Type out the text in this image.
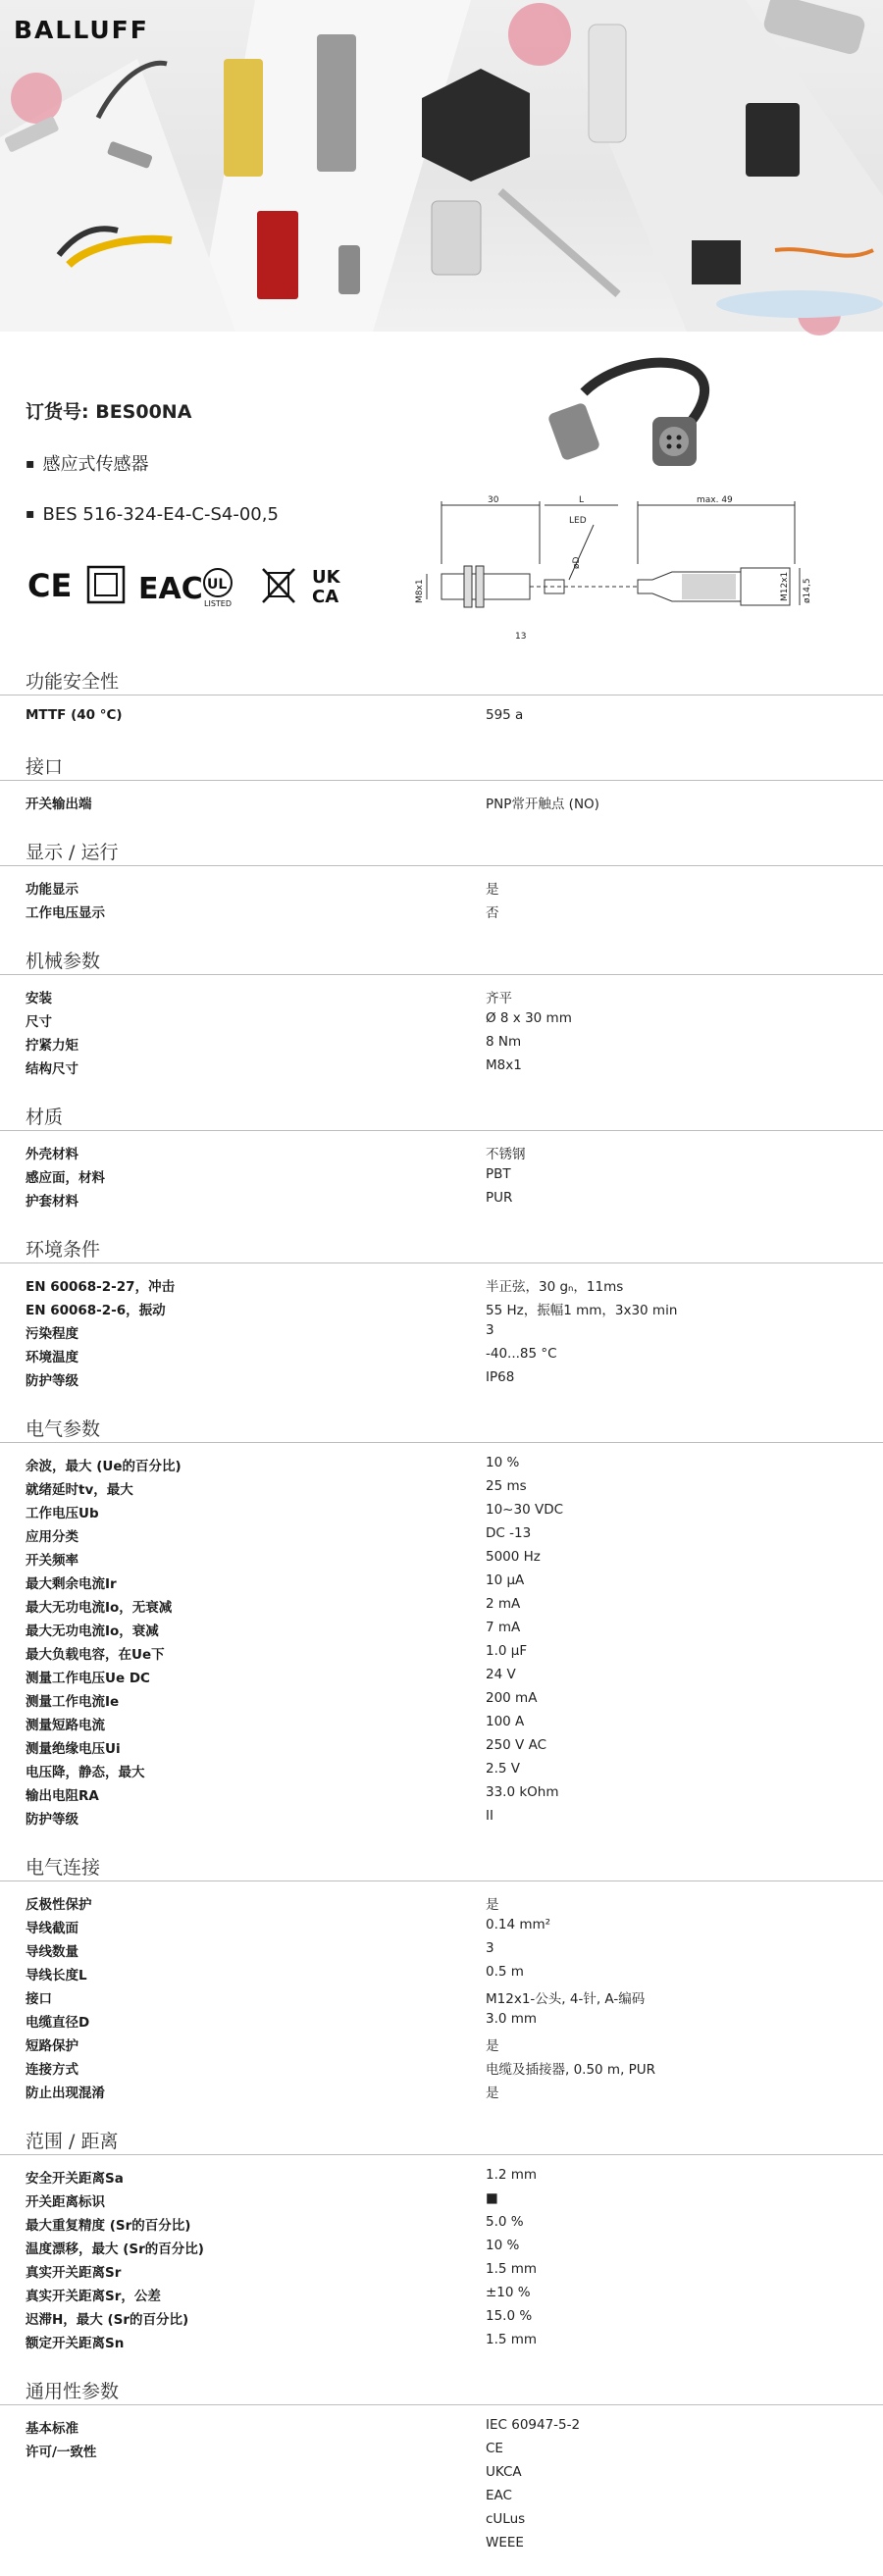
BALLUFF
订货号: BES00NA
▪ 感应式传感器
▪ BES 516-324-E4-C-S4-00,5
CE EAC UL
LISTED
UK
CA
30	L	max. 49
LED
M8x1	ø14,5
M12x1
øD
13
功能安全性
MTTF (40 °C)	595 a
接口
开关输出端	PNP常开触点 (NO)
显示 / 运行
功能显示	是
工作电压显示	否
机械参数
安装	齐平
尺寸	Ø 8 x 30 mm
拧紧力矩	8 Nm
结构尺寸	M8x1
材质
外壳材料	不锈钢
感应面，材料	PBT
护套材料	PUR
环境条件
EN 60068-2-27，冲击	半正弦，30 gₙ，11ms
EN 60068-2-6，振动	55 Hz，振幅1 mm，3x30 min
污染程度	3
环境温度	-40...85 °C
防护等级	IP68
电气参数
余波，最大 (Ue的百分比)	10 %
就绪延时tv，最大	25 ms
工作电压Ub	10~30 VDC
应用分类	DC -13
开关频率	5000 Hz
最大剩余电流Ir	10 µA
最大无功电流Io，无衰减	2 mA
最大无功电流Io，衰减	7 mA
最大负载电容，在Ue下	1.0 µF
测量工作电压Ue DC	24 V
测量工作电流Ie	200 mA
测量短路电流	100 A
测量绝缘电压Ui	250 V AC
电压降，静态，最大	2.5 V
输出电阻RA	33.0 kOhm
防护等级	II
电气连接
反极性保护	是
导线截面	0.14 mm²
导线数量	3
导线长度L	0.5 m
接口	M12x1-公头, 4-针, A-编码
电缆直径D	3.0 mm
短路保护	是
连接方式	电缆及插接器, 0.50 m, PUR
防止出现混淆	是
范围 / 距离
安全开关距离Sa	1.2 mm
开关距离标识	■
最大重复精度 (Sr的百分比)	5.0 %
温度漂移，最大 (Sr的百分比)	10 %
真实开关距离Sr	1.5 mm
真实开关距离Sr，公差	±10 %
迟滞H，最大 (Sr的百分比)	15.0 %
额定开关距离Sn	1.5 mm
通用性参数
基本标准	IEC 60947-5-2
许可/一致性	CE
UKCA
EAC
cULus
WEEE
